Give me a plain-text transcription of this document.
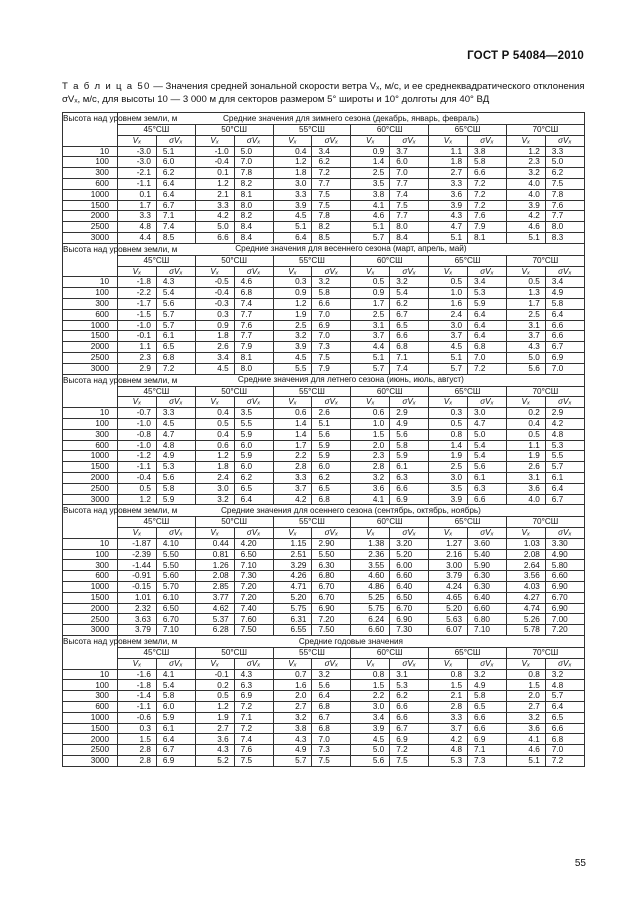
ГОСТ Р 54084—2010
Т а б л и ц а 50 — Значения средней зональной скорости ветра Vₓ, м/с, и ее среднеквадратического отклонения σVₓ, м/с, для высоты 10 — 3 000 м для секторов размером 5° широты и 10° долготы для 40° ВД
Высота над уровнем земли, м	Средние значения для зимнего сезона (декабрь, январь, февраль)											
	45°СШ		50°СШ		55°СШ		60°СШ		65°СШ		70°СШ	
	Vₓ	σVₓ	Vₓ	σVₓ	Vₓ	σVₓ	Vₓ	σVₓ	Vₓ	σVₓ	Vₓ	σVₓ
10	-3.0	5.1	-1.0	5.0	0.4	3.4	0.9	3.7	1.1	3.8	1.2	3.3
100	-3.0	6.0	-0.4	7.0	1.2	6.2	1.4	6.0	1.8	5.8	2.3	5.0
300	-2.1	6.2	0.1	7.8	1.8	7.2	2.5	7.0	2.7	6.6	3.2	6.2
600	-1.1	6.4	1.2	8.2	3.0	7.7	3.5	7.7	3.3	7.2	4.0	7.5
1000	0.1	6.4	2.1	8.1	3.3	7.5	3.8	7.4	3.6	7.2	4.0	7.8
1500	1.7	6.7	3.3	8.0	3.9	7.5	4.1	7.5	3.9	7.2	3.9	7.6
2000	3.3	7.1	4.2	8.2	4.5	7.8	4.6	7.7	4.3	7.6	4.2	7.7
2500	4.8	7.4	5.0	8.4	5.1	8.2	5.1	8.0	4.7	7.9	4.6	8.0
3000	4.4	8.5	6.6	8.4	6.4	8.5	5.7	8.4	5.1	8.1	5.1	8.3
Высота над уровнем земли, м	Средние значения для весеннего сезона (март, апрель, май)											
	45°СШ		50°СШ		55°СШ		60°СШ		65°СШ		70°СШ	
	Vₓ	σVₓ	Vₓ	σVₓ	Vₓ	σVₓ	Vₓ	σVₓ	Vₓ	σVₓ	Vₓ	σVₓ
10	-1.8	4.3	-0.5	4.6	0.3	3.2	0.5	3.2	0.5	3.4	0.5	3.4
100	-2.2	5.4	-0.4	6.8	0.9	5.8	0.9	5.4	1.0	5.3	1.3	4.9
300	-1.7	5.6	-0.3	7.4	1.2	6.6	1.7	6.2	1.6	5.9	1.7	5.8
600	-1.5	5.7	0.3	7.7	1.9	7.0	2.5	6.7	2.4	6.4	2.5	6.4
1000	-1.0	5.7	0.9	7.6	2.5	6.9	3.1	6.5	3.0	6.4	3.1	6.6
1500	-0.1	6.1	1.8	7.7	3.2	7.0	3.7	6.6	3.7	6.4	3.7	6.6
2000	1.1	6.5	2.6	7.9	3.9	7.3	4.4	6.8	4.5	6.8	4.3	6.7
2500	2.3	6.8	3.4	8.1	4.5	7.5	5.1	7.1	5.1	7.0	5.0	6.9
3000	2.9	7.2	4.5	8.0	5.5	7.9	5.7	7.4	5.7	7.2	5.6	7.0
Высота над уровнем земли, м	Средние значения для летнего сезона (июнь, июль, август)											
	45°СШ		50°СШ		55°СШ		60°СШ		65°СШ		70°СШ	
	Vₓ	σVₓ	Vₓ	σVₓ	Vₓ	σVₓ	Vₓ	σVₓ	Vₓ	σVₓ	Vₓ	σVₓ
10	-0.7	3.3	0.4	3.5	0.6	2.6	0.6	2.9	0.3	3.0	0.2	2.9
100	-1.0	4.5	0.5	5.5	1.4	5.1	1.0	4.9	0.5	4.7	0.4	4.2
300	-0.8	4.7	0.4	5.9	1.4	5.6	1.5	5.6	0.8	5.0	0.5	4.8
600	-1.0	4.8	0.6	6.0	1.7	5.9	2.0	5.8	1.4	5.4	1.1	5.3
1000	-1.2	4.9	1.2	5.9	2.2	5.9	2.3	5.9	1.9	5.4	1.9	5.5
1500	-1.1	5.3	1.8	6.0	2.8	6.0	2.8	6.1	2.5	5.6	2.6	5.7
2000	-0.4	5.6	2.4	6.2	3.3	6.2	3.2	6.3	3.0	6.1	3.1	6.1
2500	0.5	5.8	3.0	6.5	3.7	6.5	3.6	6.6	3.5	6.3	3.6	6.4
3000	1.2	5.9	3.2	6.4	4.2	6.8	4.1	6.9	3.9	6.6	4.0	6.7
Высота над уровнем земли, м	Средние значения для осеннего сезона (сентябрь, октябрь, ноябрь)											
	45°СШ		50°СШ		55°СШ		60°СШ		65°СШ		70°СШ	
	Vₓ	σVₓ	Vₓ	σVₓ	Vₓ	σVₓ	Vₓ	σVₓ	Vₓ	σVₓ	Vₓ	σVₓ
10	-1.87	4.10	0.44	4.20	1.15	2.90	1.38	3.20	1.27	3.60	1.03	3.30
100	-2.39	5.50	0.81	6.50	2.51	5.50	2.36	5.20	2.16	5.40	2.08	4.90
300	-1.44	5.50	1.26	7.10	3.29	6.30	3.55	6.00	3.00	5.90	2.64	5.80
600	-0.91	5.60	2.08	7.30	4.26	6.80	4.60	6.60	3.79	6.30	3.56	6.60
1000	-0.15	5.70	2.85	7.20	4.71	6.70	4.86	6.40	4.24	6.30	4.03	6.90
1500	1.01	6.10	3.77	7.20	5.20	6.70	5.25	6.50	4.65	6.40	4.27	6.70
2000	2.32	6.50	4.62	7.40	5.75	6.90	5.75	6.70	5.20	6.60	4.74	6.90
2500	3.63	6.70	5.37	7.60	6.31	7.20	6.24	6.90	5.63	6.80	5.26	7.00
3000	3.79	7.10	6.28	7.50	6.55	7.50	6.60	7.30	6.07	7.10	5.78	7.20
Высота над уровнем земли, м	Средние годовые значения											
	45°СШ		50°СШ		55°СШ		60°СШ		65°СШ		70°СШ	
	Vₓ	σVₓ	Vₓ	σVₓ	Vₓ	σVₓ	Vₓ	σVₓ	Vₓ	σVₓ	Vₓ	σVₓ
10	-1.6	4.1	-0.1	4.3	0.7	3.2	0.8	3.1	0.8	3.2	0.8	3.2
100	-1.8	5.4	0.2	6.3	1.6	5.6	1.5	5.3	1.5	4.9	1.5	4.8
300	-1.4	5.8	0.5	6.9	2.0	6.4	2.2	6.2	2.1	5.8	2.0	5.7
600	-1.1	6.0	1.2	7.2	2.7	6.8	3.0	6.6	2.8	6.5	2.7	6.4
1000	-0.6	5.9	1.9	7.1	3.2	6.7	3.4	6.6	3.3	6.6	3.2	6.5
1500	0.3	6.1	2.7	7.2	3.8	6.8	3.9	6.7	3.7	6.6	3.6	6.6
2000	1.5	6.4	3.6	7.4	4.3	7.0	4.5	6.9	4.2	6.9	4.1	6.8
2500	2.8	6.7	4.3	7.6	4.9	7.3	5.0	7.2	4.8	7.1	4.6	7.0
3000	2.8	6.9	5.2	7.5	5.7	7.5	5.6	7.5	5.3	7.3	5.1	7.2
55
